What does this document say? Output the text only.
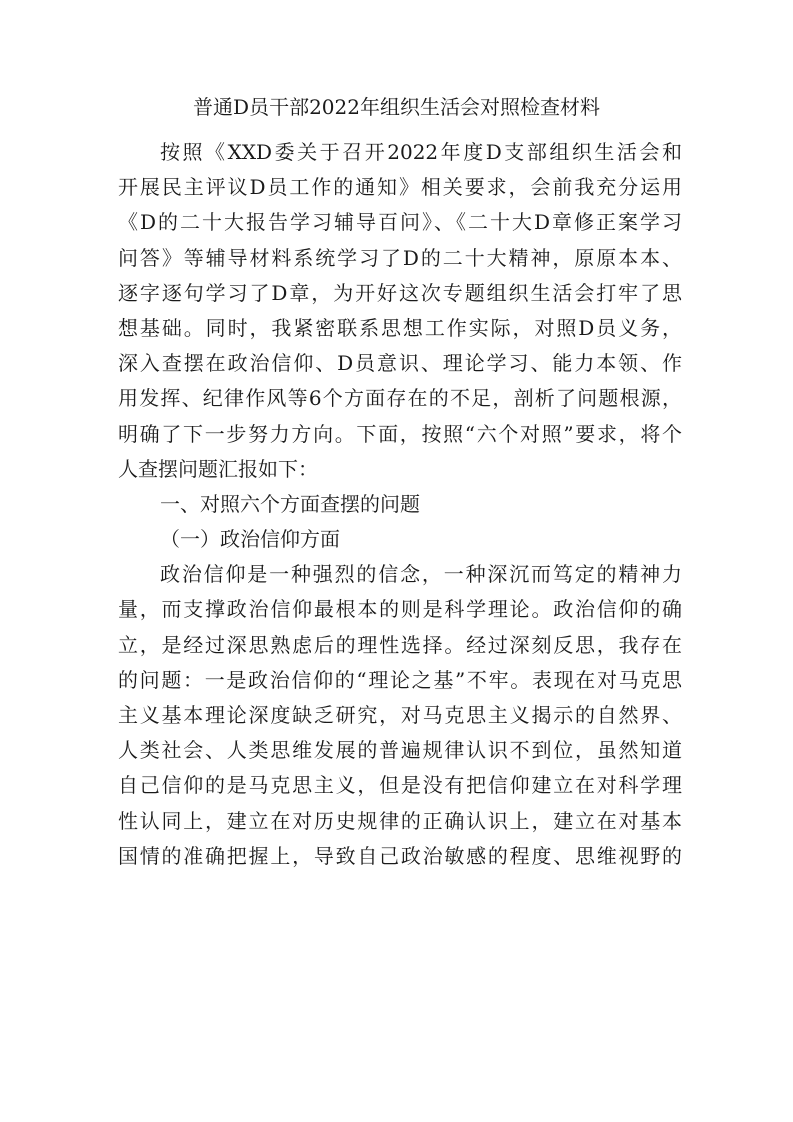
普通D员干部2022年组织生活会对照检查材料
按照《XXD委关于召开2022年度D支部组织生活会和
开展民主评议D员工作的通知》相关要求，会前我充分运用
《D的二十大报告学习辅导百问》、《二十大D章修正案学习
问答》等辅导材料系统学习了D的二十大精神，原原本本、
逐字逐句学习了D章，为开好这次专题组织生活会打牢了思
想基础。同时，我紧密联系思想工作实际，对照D员义务，
深入查摆在政治信仰、D员意识、理论学习、能力本领、作
用发挥、纪律作风等6个方面存在的不足，剖析了问题根源，
明确了下一步努力方向。下面，按照“六个对照”要求，将个
人查摆问题汇报如下：
一、对照六个方面查摆的问题
（一）政治信仰方面
政治信仰是一种强烈的信念，一种深沉而笃定的精神力
量，而支撑政治信仰最根本的则是科学理论。政治信仰的确
立，是经过深思熟虑后的理性选择。经过深刻反思，我存在
的问题：一是政治信仰的“理论之基”不牢。表现在对马克思
主义基本理论深度缺乏研究，对马克思主义揭示的自然界、
人类社会、人类思维发展的普遍规律认识不到位，虽然知道
自己信仰的是马克思主义，但是没有把信仰建立在对科学理
性认同上，建立在对历史规律的正确认识上，建立在对基本
国情的准确把握上，导致自己政治敏感的程度、思维视野的
